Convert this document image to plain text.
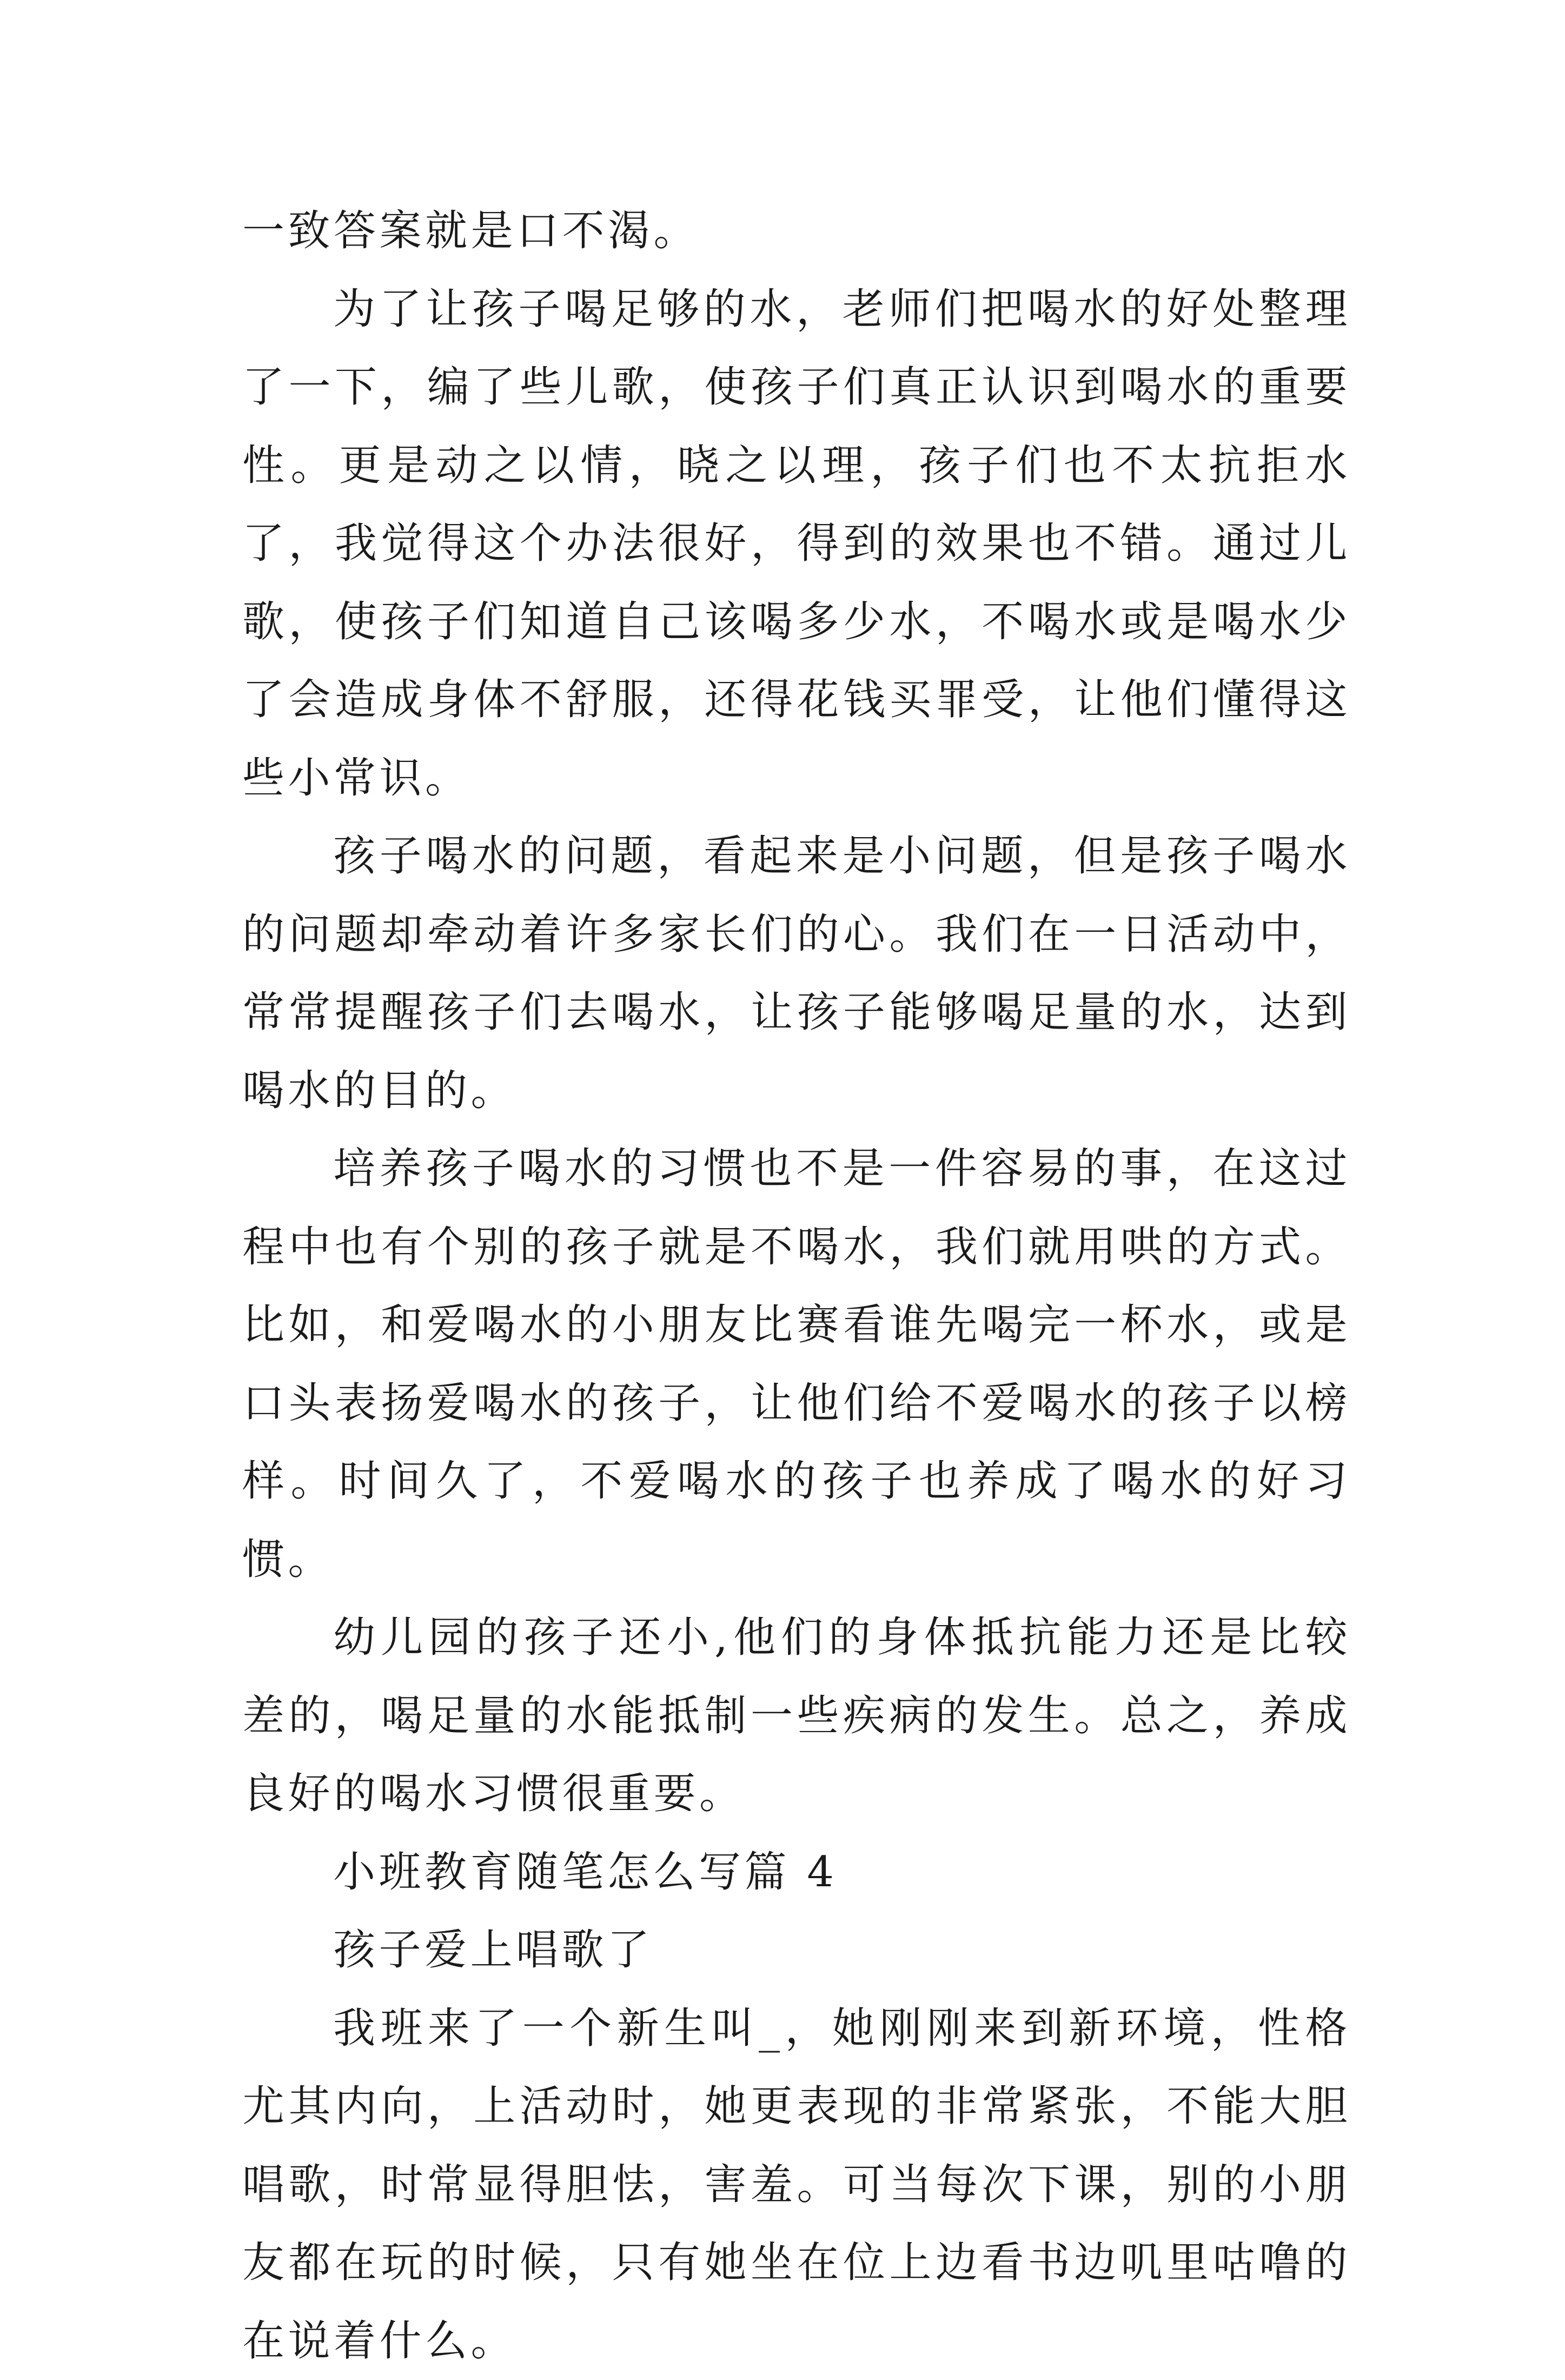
一致答案就是口不渴。

为了让孩子喝足够的水，老师们把喝水的好处整理了一下，编了些儿歌，使孩子们真正认识到喝水的重要性。更是动之以情，晓之以理，孩子们也不太抗拒水了，我觉得这个办法很好，得到的效果也不错。通过儿歌，使孩子们知道自己该喝多少水，不喝水或是喝水少了会造成身体不舒服，还得花钱买罪受，让他们懂得这些小常识。

孩子喝水的问题，看起来是小问题，但是孩子喝水的问题却牵动着许多家长们的心。我们在一日活动中，常常提醒孩子们去喝水，让孩子能够喝足量的水，达到喝水的目的。

培养孩子喝水的习惯也不是一件容易的事，在这过程中也有个别的孩子就是不喝水，我们就用哄的方式。比如，和爱喝水的小朋友比赛看谁先喝完一杯水，或是口头表扬爱喝水的孩子，让他们给不爱喝水的孩子以榜样。时间久了，不爱喝水的孩子也养成了喝水的好习惯。

幼儿园的孩子还小,他们的身体抵抗能力还是比较差的，喝足量的水能抵制一些疾病的发生。总之，养成良好的喝水习惯很重要。

小班教育随笔怎么写篇 4

孩子爱上唱歌了

我班来了一个新生叫_，她刚刚来到新环境，性格尤其内向，上活动时，她更表现的非常紧张，不能大胆唱歌，时常显得胆怯，害羞。可当每次下课，别的小朋友都在玩的时候，只有她坐在位上边看书边叽里咕噜的在说着什么。
